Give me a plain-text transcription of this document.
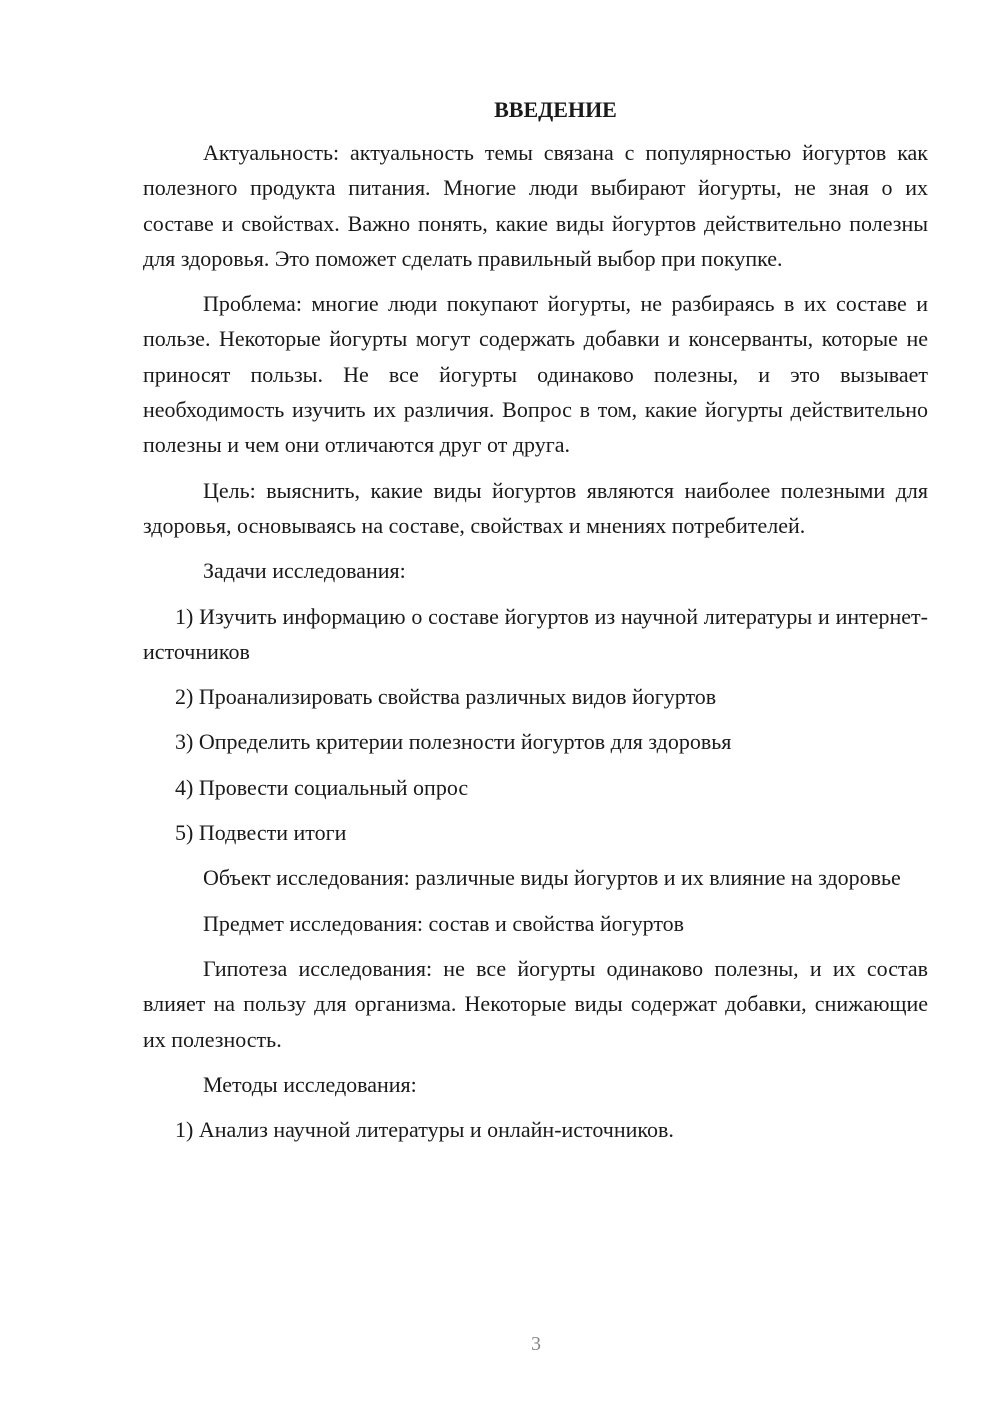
ВВЕДЕНИЕ

Актуальность: актуальность темы связана с популярностью йогуртов как полезного продукта питания. Многие люди выбирают йогурты, не зная о их составе и свойствах. Важно понять, какие виды йогуртов действительно полезны для здоровья. Это поможет сделать правильный выбор при покупке.

Проблема: многие люди покупают йогурты, не разбираясь в их составе и пользе. Некоторые йогурты могут содержать добавки и консерванты, которые не приносят пользы. Не все йогурты одинаково полезны, и это вызывает необходимость изучить их различия. Вопрос в том, какие йогурты действительно полезны и чем они отличаются друг от друга.

Цель: выяснить, какие виды йогуртов являются наиболее полезными для здоровья, основываясь на составе, свойствах и мнениях потребителей.

Задачи исследования:

1) Изучить информацию о составе йогуртов из научной литературы и интернет-источников

2) Проанализировать свойства различных видов йогуртов

3) Определить критерии полезности йогуртов для здоровья

4) Провести социальный опрос

5) Подвести итоги

Объект исследования: различные виды йогуртов и их влияние на здоровье

Предмет исследования: состав и свойства йогуртов

Гипотеза исследования: не все йогурты одинаково полезны, и их состав влияет на пользу для организма. Некоторые виды содержат добавки, снижающие их полезность.

Методы исследования:

1) Анализ научной литературы и онлайн-источников.

3
